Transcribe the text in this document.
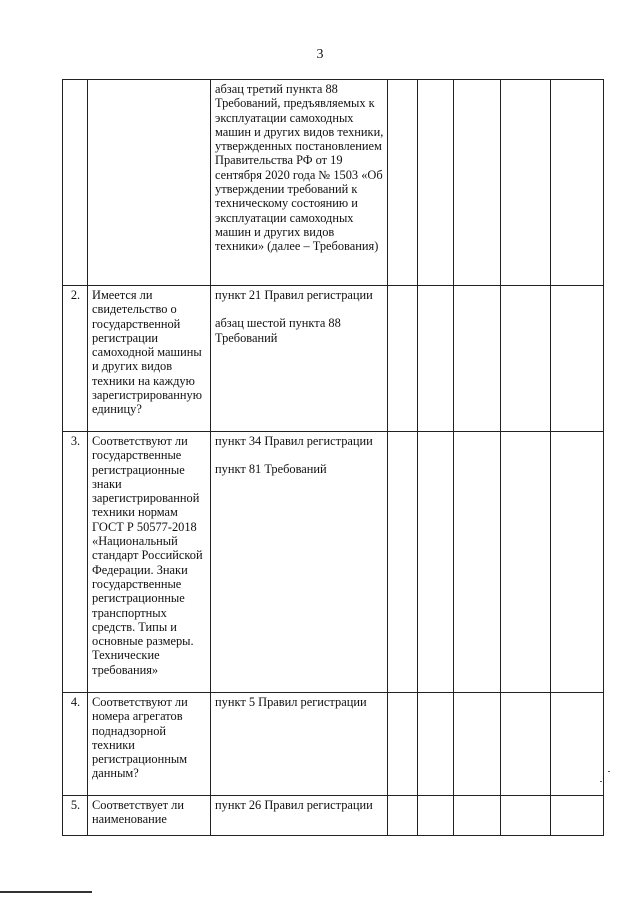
3

		абзац третий пункта 88 Требований, предъявляемых к эксплуатации самоходных машин и других видов техники, утвержденных постановлением Правительства РФ от 19 сентября 2020 года № 1503 «Об утверждении требований к техническому состоянию и эксплуатации самоходных машин и других видов техники» (далее – Требования)					

2.	Имеется ли свидетельство о государственной регистрации самоходной машины и других видов техники на каждую зарегистрированную единицу?	пункт 21 Правил регистрации
абзац шестой пункта 88 Требований					

3.	Соответствуют ли государственные регистрационные знаки зарегистрированной техники нормам ГОСТ Р 50577-2018 «Национальный стандарт Российской Федерации. Знаки государственные регистрационные транспортных средств. Типы и основные размеры. Технические требования»	пункт 34 Правил регистрации
пункт 81 Требований					

4.	Соответствуют ли номера агрегатов поднадзорной техники регистрационным данным?	пункт 5 Правил регистрации					

5.	Соответствует ли наименование	пункт 26 Правил регистрации					
